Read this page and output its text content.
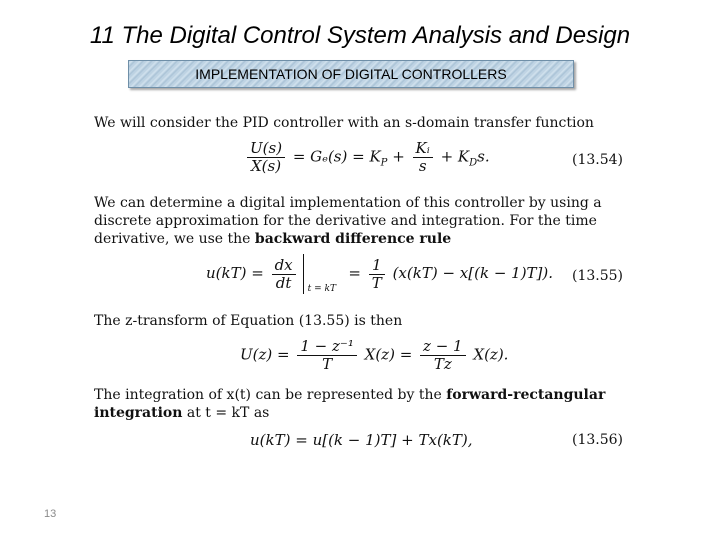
11 The Digital Control System Analysis and Design
IMPLEMENTATION OF DIGITAL CONTROLLERS
We will consider the PID controller with an s-domain transfer function
$\frac{U(s)}{X(s)} = G_e(s) = K_P + \frac{\text{Kᵢ}}{s} + K_Ds$.	(13.54)
We can determine a digital implementation of this controller by using a discrete approximation for the derivative and integration. For the time derivative, we use the backward difference rule
$u(kT) = \frac{dx}{dt}$ t = kT
= $\frac{1}{T} (x(kT) - x[(k - 1)T])$. (13.55)
The z-transform of Equation (13.55) is then
$U(z) = \frac{\text{1 − z⁻¹}}{T} X(z) = \frac{z - 1}{Tz} X(z)$.
The integration of x(t) can be represented by the forward-rectangular integration at t = kT as
u(kT) = u[(k − 1)T] + Tx(kT),	(13.56)
13
